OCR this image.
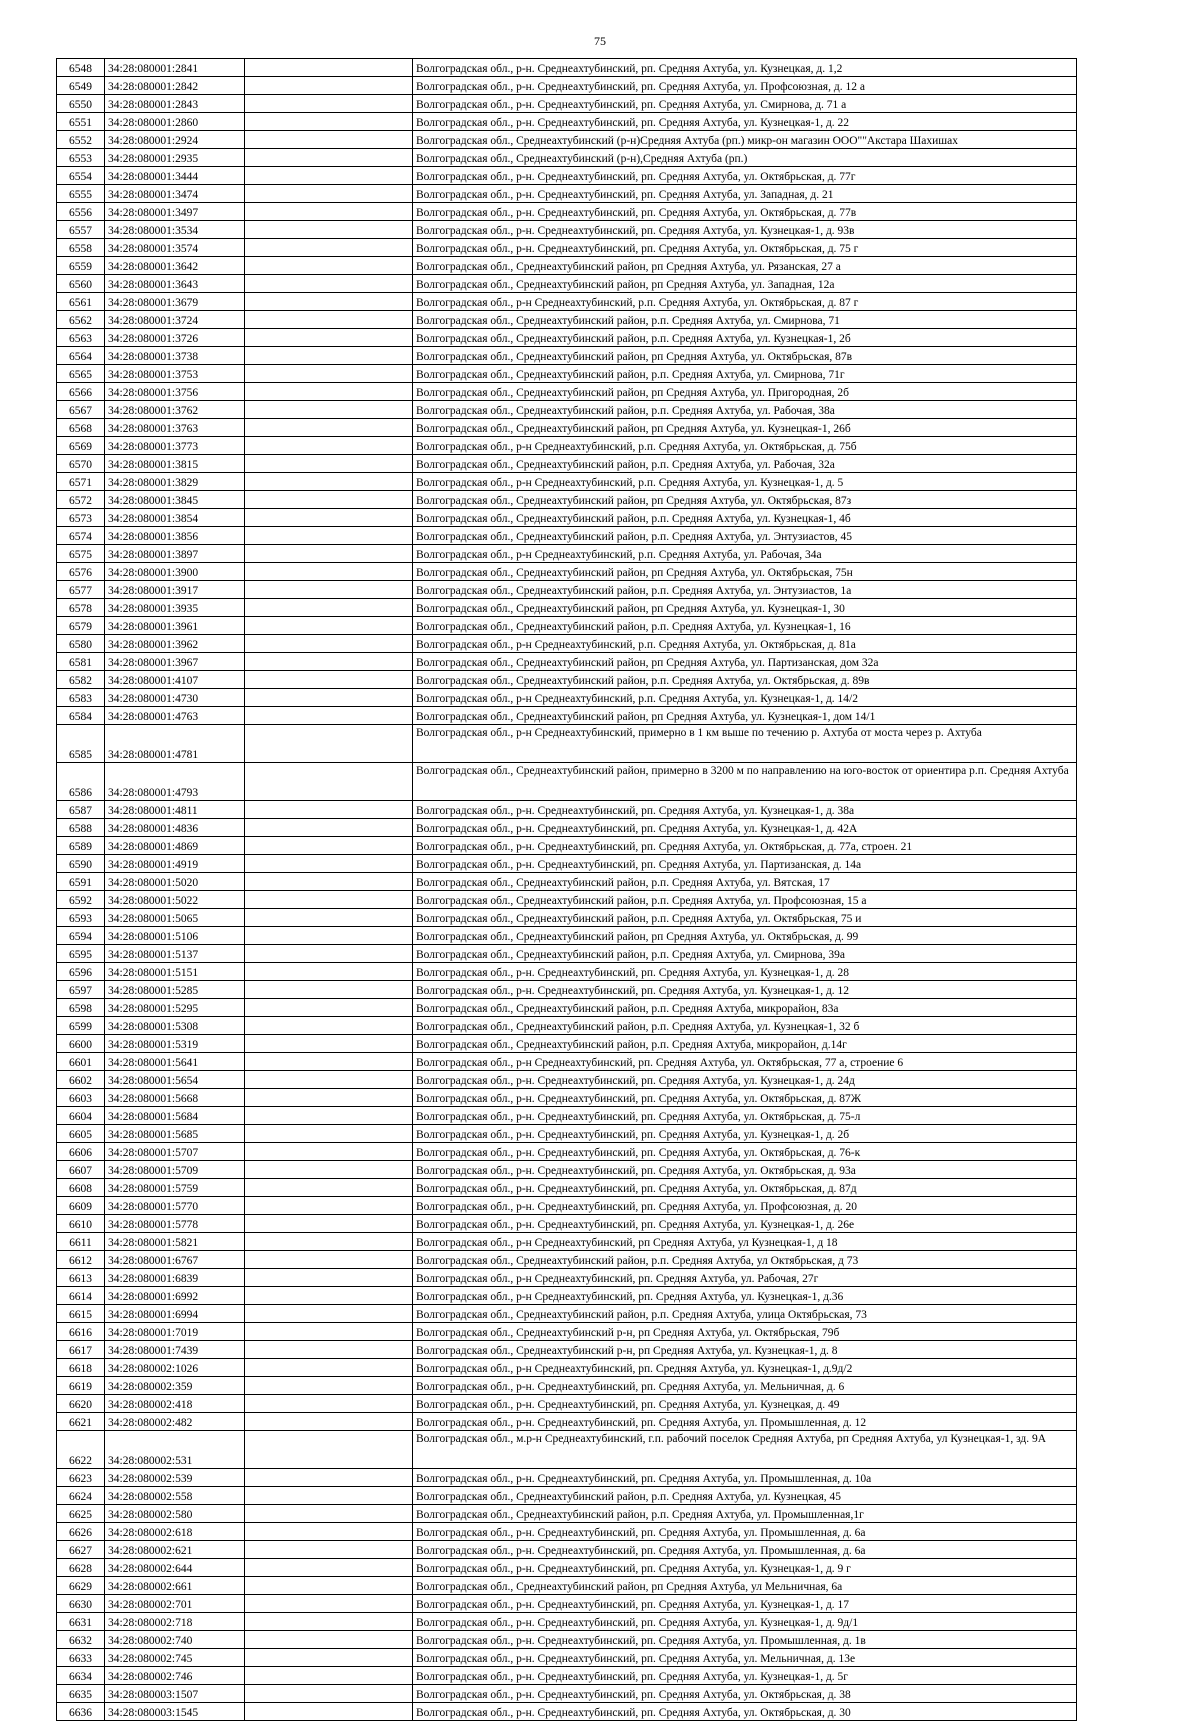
75
6548	34:28:080001:2841		Волгоградская обл., р-н. Среднеахтубинский, рп. Средняя Ахтуба, ул. Кузнецкая, д. 1,2
6549	34:28:080001:2842		Волгоградская обл., р-н. Среднеахтубинский, рп. Средняя Ахтуба, ул. Профсоюзная, д. 12 а
6550	34:28:080001:2843		Волгоградская обл., р-н. Среднеахтубинский, рп. Средняя Ахтуба, ул. Смирнова, д. 71 а
6551	34:28:080001:2860		Волгоградская обл., р-н. Среднеахтубинский, рп. Средняя Ахтуба, ул. Кузнецкая-1, д. 22
6552	34:28:080001:2924		Волгоградская обл., Среднеахтубинский (р-н)Средняя Ахтуба (рп.) микр-он магазин ООО""Акстара Шахишах
6553	34:28:080001:2935		Волгоградская обл., Среднеахтубинский (р-н),Средняя Ахтуба (рп.)
6554	34:28:080001:3444		Волгоградская обл., р-н. Среднеахтубинский, рп. Средняя Ахтуба, ул. Октябрьская, д. 77г
6555	34:28:080001:3474		Волгоградская обл., р-н. Среднеахтубинский, рп. Средняя Ахтуба, ул. Западная, д. 21
6556	34:28:080001:3497		Волгоградская обл., р-н. Среднеахтубинский, рп. Средняя Ахтуба, ул. Октябрьская, д. 77в
6557	34:28:080001:3534		Волгоградская обл., р-н. Среднеахтубинский, рп. Средняя Ахтуба, ул. Кузнецкая-1, д. 93в
6558	34:28:080001:3574		Волгоградская обл., р-н. Среднеахтубинский, рп. Средняя Ахтуба, ул. Октябрьская, д. 75 г
6559	34:28:080001:3642		Волгоградская обл., Среднеахтубинский район, рп Средняя Ахтуба, ул. Рязанская, 27 а
6560	34:28:080001:3643		Волгоградская обл., Среднеахтубинский район, рп Средняя Ахтуба, ул. Западная, 12а
6561	34:28:080001:3679		Волгоградская обл., р-н Среднеахтубинский, р.п. Средняя Ахтуба, ул. Октябрьская, д. 87 г
6562	34:28:080001:3724		Волгоградская обл., Среднеахтубинский район, р.п. Средняя Ахтуба, ул. Смирнова, 71
6563	34:28:080001:3726		Волгоградская обл., Среднеахтубинский район, р.п. Средняя Ахтуба, ул. Кузнецкая-1, 2б
6564	34:28:080001:3738		Волгоградская обл., Среднеахтубинский район, рп Средняя Ахтуба, ул. Октябрьская, 87в
6565	34:28:080001:3753		Волгоградская обл., Среднеахтубинский район, р.п. Средняя Ахтуба, ул. Смирнова, 71г
6566	34:28:080001:3756		Волгоградская обл., Среднеахтубинский район, рп Средняя Ахтуба, ул. Пригородная, 2б
6567	34:28:080001:3762		Волгоградская обл., Среднеахтубинский район, р.п. Средняя Ахтуба, ул. Рабочая, 38а
6568	34:28:080001:3763		Волгоградская обл., Среднеахтубинский район, рп Средняя Ахтуба, ул. Кузнецкая-1, 26б
6569	34:28:080001:3773		Волгоградская обл., р-н Среднеахтубинский, р.п. Средняя Ахтуба, ул. Октябрьская, д. 75б
6570	34:28:080001:3815		Волгоградская обл., Среднеахтубинский район, р.п. Средняя Ахтуба, ул. Рабочая, 32а
6571	34:28:080001:3829		Волгоградская обл., р-н Среднеахтубинский, р.п. Средняя Ахтуба, ул. Кузнецкая-1, д. 5
6572	34:28:080001:3845		Волгоградская обл., Среднеахтубинский район, рп Средняя Ахтуба, ул. Октябрьская, 87з
6573	34:28:080001:3854		Волгоградская обл., Среднеахтубинский район, р.п. Средняя Ахтуба, ул. Кузнецкая-1, 4б
6574	34:28:080001:3856		Волгоградская обл., Среднеахтубинский район, р.п. Средняя Ахтуба, ул. Энтузиастов, 45
6575	34:28:080001:3897		Волгоградская обл., р-н Среднеахтубинский, р.п. Средняя Ахтуба, ул. Рабочая, 34а
6576	34:28:080001:3900		Волгоградская обл., Среднеахтубинский район, рп Средняя Ахтуба, ул. Октябрьская, 75н
6577	34:28:080001:3917		Волгоградская обл., Среднеахтубинский район, р.п. Средняя Ахтуба, ул. Энтузиастов, 1а
6578	34:28:080001:3935		Волгоградская обл., Среднеахтубинский район, рп Средняя Ахтуба, ул. Кузнецкая-1, 30
6579	34:28:080001:3961		Волгоградская обл., Среднеахтубинский район, р.п. Средняя Ахтуба, ул. Кузнецкая-1, 16
6580	34:28:080001:3962		Волгоградская обл., р-н Среднеахтубинский, р.п. Средняя Ахтуба, ул. Октябрьская, д. 81а
6581	34:28:080001:3967		Волгоградская обл., Среднеахтубинский район, рп Средняя Ахтуба, ул. Партизанская, дом 32а
6582	34:28:080001:4107		Волгоградская обл., Среднеахтубинский район, р.п. Средняя Ахтуба, ул. Октябрьская, д. 89в
6583	34:28:080001:4730		Волгоградская обл., р-н Среднеахтубинский, р.п. Средняя Ахтуба, ул. Кузнецкая-1, д. 14/2
6584	34:28:080001:4763		Волгоградская обл., Среднеахтубинский район, рп Средняя Ахтуба, ул. Кузнецкая-1, дом 14/1
6585	34:28:080001:4781		Волгоградская обл., р-н Среднеахтубинский, примерно в 1 км выше по течению р. Ахтуба от моста через р. Ахтуба
6586	34:28:080001:4793		Волгоградская обл., Среднеахтубинский район, примерно в 3200 м по направлению на юго-восток от ориентира р.п. Средняя Ахтуба
6587	34:28:080001:4811		Волгоградская обл., р-н. Среднеахтубинский, рп. Средняя Ахтуба, ул. Кузнецкая-1, д. 38а
6588	34:28:080001:4836		Волгоградская обл., р-н. Среднеахтубинский, рп. Средняя Ахтуба, ул. Кузнецкая-1, д. 42А
6589	34:28:080001:4869		Волгоградская обл., р-н. Среднеахтубинский, рп. Средняя Ахтуба, ул. Октябрьская, д. 77а, строен. 21
6590	34:28:080001:4919		Волгоградская обл., р-н. Среднеахтубинский, рп. Средняя Ахтуба, ул. Партизанская, д. 14а
6591	34:28:080001:5020		Волгоградская обл., Среднеахтубинский район, р.п. Средняя Ахтуба, ул. Вятская, 17
6592	34:28:080001:5022		Волгоградская обл., Среднеахтубинский район, р.п. Средняя Ахтуба, ул. Профсоюзная, 15 а
6593	34:28:080001:5065		Волгоградская обл., Среднеахтубинский район, р.п. Средняя Ахтуба, ул. Октябрьская, 75 и
6594	34:28:080001:5106		Волгоградская обл., Среднеахтубинский район, рп Средняя Ахтуба, ул. Октябрьская, д. 99
6595	34:28:080001:5137		Волгоградская обл., Среднеахтубинский район, р.п. Средняя Ахтуба, ул. Смирнова, 39а
6596	34:28:080001:5151		Волгоградская обл., р-н. Среднеахтубинский, рп. Средняя Ахтуба, ул. Кузнецкая-1, д. 28
6597	34:28:080001:5285		Волгоградская обл., р-н. Среднеахтубинский, рп. Средняя Ахтуба, ул. Кузнецкая-1, д. 12
6598	34:28:080001:5295		Волгоградская обл., Среднеахтубинский район, р.п. Средняя Ахтуба, микрорайон, 83а
6599	34:28:080001:5308		Волгоградская обл., Среднеахтубинский район, р.п. Средняя Ахтуба, ул. Кузнецкая-1, 32 б
6600	34:28:080001:5319		Волгоградская обл., Среднеахтубинский район, р.п. Средняя Ахтуба, микрорайон, д.14г
6601	34:28:080001:5641		Волгоградская обл., р-н Среднеахтубинский, рп. Средняя Ахтуба, ул. Октябрьская, 77 а, строение 6
6602	34:28:080001:5654		Волгоградская обл., р-н. Среднеахтубинский, рп. Средняя Ахтуба, ул. Кузнецкая-1, д. 24д
6603	34:28:080001:5668		Волгоградская обл., р-н. Среднеахтубинский, рп. Средняя Ахтуба, ул. Октябрьская, д. 87Ж
6604	34:28:080001:5684		Волгоградская обл., р-н. Среднеахтубинский, рп. Средняя Ахтуба, ул. Октябрьская, д. 75-л
6605	34:28:080001:5685		Волгоградская обл., р-н. Среднеахтубинский, рп. Средняя Ахтуба, ул. Кузнецкая-1, д. 2б
6606	34:28:080001:5707		Волгоградская обл., р-н. Среднеахтубинский, рп. Средняя Ахтуба, ул. Октябрьская, д. 76-к
6607	34:28:080001:5709		Волгоградская обл., р-н. Среднеахтубинский, рп. Средняя Ахтуба, ул. Октябрьская, д. 93а
6608	34:28:080001:5759		Волгоградская обл., р-н. Среднеахтубинский, рп. Средняя Ахтуба, ул. Октябрьская, д. 87д
6609	34:28:080001:5770		Волгоградская обл., р-н. Среднеахтубинский, рп. Средняя Ахтуба, ул. Профсоюзная, д. 20
6610	34:28:080001:5778		Волгоградская обл., р-н. Среднеахтубинский, рп. Средняя Ахтуба, ул. Кузнецкая-1, д. 26е
6611	34:28:080001:5821		Волгоградская обл., р-н Среднеахтубинский, рп Средняя Ахтуба, ул Кузнецкая-1, д 18
6612	34:28:080001:6767		Волгоградская обл., Среднеахтубинский район, р.п. Средняя Ахтуба, ул Октябрьская, д 73
6613	34:28:080001:6839		Волгоградская обл., р-н Среднеахтубинский, рп. Средняя Ахтуба, ул. Рабочая, 27г
6614	34:28:080001:6992		Волгоградская обл., р-н Среднеахтубинский, рп. Средняя Ахтуба, ул. Кузнецкая-1, д.36
6615	34:28:080001:6994		Волгоградская обл., Среднеахтубинский район, р.п. Средняя Ахтуба, улица Октябрьская, 73
6616	34:28:080001:7019		Волгоградская обл., Среднеахтубинский р-н, рп Средняя Ахтуба, ул. Октябрьская, 79б
6617	34:28:080001:7439		Волгоградская обл., Среднеахтубинский р-н, рп Средняя Ахтуба, ул. Кузнецкая-1, д. 8
6618	34:28:080002:1026		Волгоградская обл., р-н Среднеахтубинский, рп. Средняя Ахтуба, ул. Кузнецкая-1, д.9д/2
6619	34:28:080002:359		Волгоградская обл., р-н. Среднеахтубинский, рп. Средняя Ахтуба, ул. Мельничная, д. 6
6620	34:28:080002:418		Волгоградская обл., р-н. Среднеахтубинский, рп. Средняя Ахтуба, ул. Кузнецкая, д. 49
6621	34:28:080002:482		Волгоградская обл., р-н. Среднеахтубинский, рп. Средняя Ахтуба, ул. Промышленная, д. 12
6622	34:28:080002:531		Волгоградская обл., м.р-н Среднеахтубинский, г.п. рабочий поселок Средняя Ахтуба, рп Средняя Ахтуба, ул Кузнецкая-1, зд. 9А
6623	34:28:080002:539		Волгоградская обл., р-н. Среднеахтубинский, рп. Средняя Ахтуба, ул. Промышленная, д. 10а
6624	34:28:080002:558		Волгоградская обл., Среднеахтубинский район, р.п. Средняя Ахтуба, ул. Кузнецкая, 45
6625	34:28:080002:580		Волгоградская обл., Среднеахтубинский район, р.п. Средняя Ахтуба, ул. Промышленная,1г
6626	34:28:080002:618		Волгоградская обл., р-н. Среднеахтубинский, рп. Средняя Ахтуба, ул. Промышленная, д. 6а
6627	34:28:080002:621		Волгоградская обл., р-н. Среднеахтубинский, рп. Средняя Ахтуба, ул. Промышленная, д. 6а
6628	34:28:080002:644		Волгоградская обл., р-н. Среднеахтубинский, рп. Средняя Ахтуба, ул. Кузнецкая-1, д. 9 г
6629	34:28:080002:661		Волгоградская обл., Среднеахтубинский район, рп Средняя Ахтуба, ул Мельничная, 6а
6630	34:28:080002:701		Волгоградская обл., р-н. Среднеахтубинский, рп. Средняя Ахтуба, ул. Кузнецкая-1, д. 17
6631	34:28:080002:718		Волгоградская обл., р-н. Среднеахтубинский, рп. Средняя Ахтуба, ул. Кузнецкая-1, д. 9д/1
6632	34:28:080002:740		Волгоградская обл., р-н. Среднеахтубинский, рп. Средняя Ахтуба, ул. Промышленная, д. 1в
6633	34:28:080002:745		Волгоградская обл., р-н. Среднеахтубинский, рп. Средняя Ахтуба, ул. Мельничная, д. 13е
6634	34:28:080002:746		Волгоградская обл., р-н. Среднеахтубинский, рп. Средняя Ахтуба, ул. Кузнецкая-1, д. 5г
6635	34:28:080003:1507		Волгоградская обл., р-н. Среднеахтубинский, рп. Средняя Ахтуба, ул. Октябрьская, д. 38
6636	34:28:080003:1545		Волгоградская обл., р-н. Среднеахтубинский, рп. Средняя Ахтуба, ул. Октябрьская, д. 30
